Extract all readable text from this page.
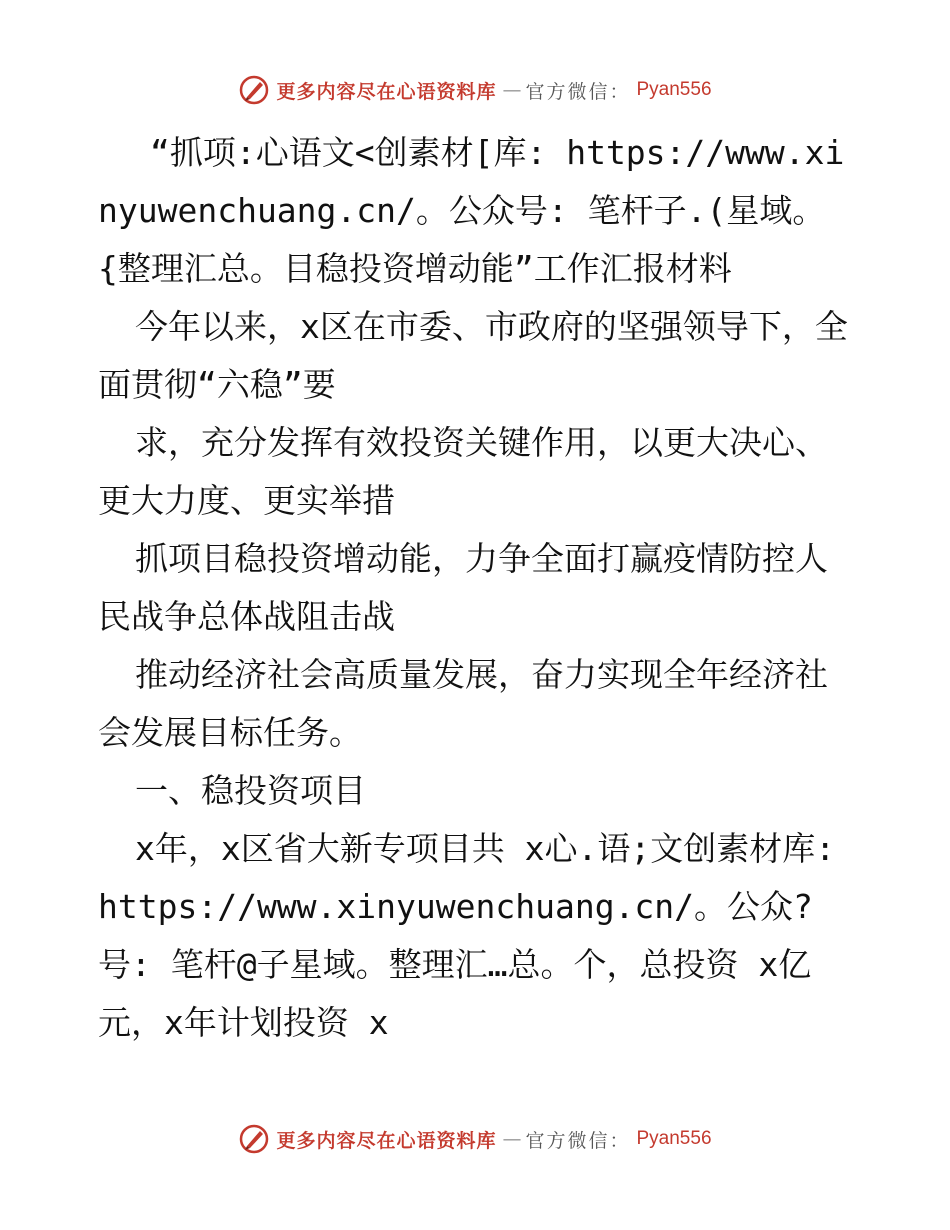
更多内容尽在心语资料库 — 官方微信： Pyan556

“抓项:心语文<创素材[库: https://www.xinyuwenchuang.cn/。公众号: 笔杆子.(星域。{整理汇总。目稳投资增动能”工作汇报材料

今年以来，x区在市委、市政府的坚强领导下，全面贯彻“六稳”要

求，充分发挥有效投资关键作用，以更大决心、更大力度、更实举措

抓项目稳投资增动能，力争全面打赢疫情防控人民战争总体战阻击战

推动经济社会高质量发展，奋力实现全年经济社会发展目标任务。

一、稳投资项目

x年，x区省大新专项目共 x心.语;文创素材库: https://www.xinyuwenchuang.cn/。公众?号: 笔杆@子星域。整理汇…总。个，总投资 x亿元，x年计划投资 x

更多内容尽在心语资料库 — 官方微信： Pyan556
